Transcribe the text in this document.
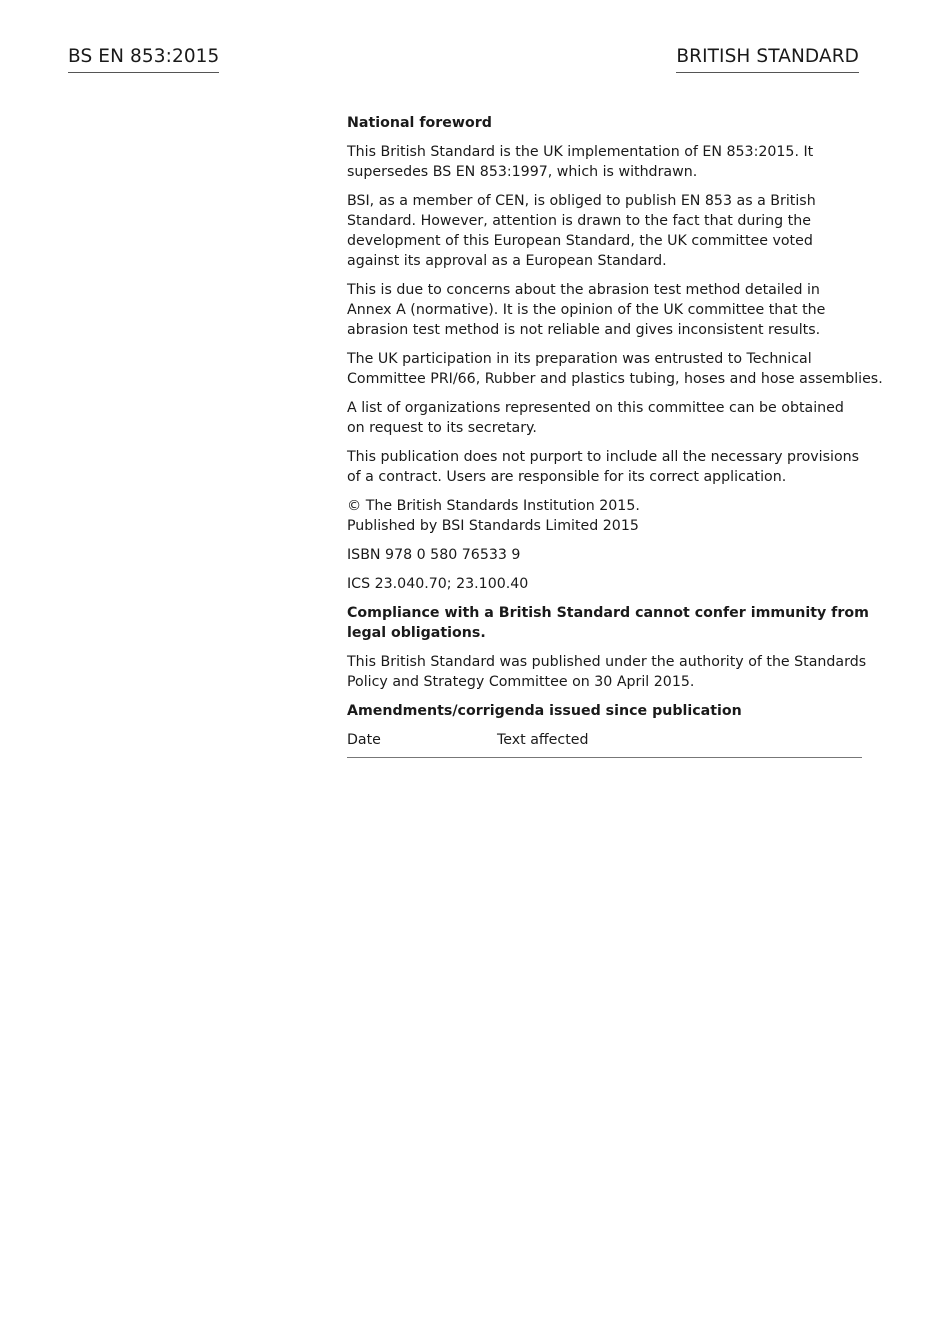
BS EN 853:2015	BRITISH STANDARD
National foreword
This British Standard is the UK implementation of EN 853:2015. It
supersedes BS EN 853:1997, which is withdrawn.
BSI, as a member of CEN, is obliged to publish EN 853 as a British
Standard. However, attention is drawn to the fact that during the
development of this European Standard, the UK committee voted
against its approval as a European Standard.
This is due to concerns about the abrasion test method detailed in
Annex A (normative). It is the opinion of the UK committee that the
abrasion test method is not reliable and gives inconsistent results.
The UK participation in its preparation was entrusted to Technical
Committee PRI/66, Rubber and plastics tubing, hoses and hose assemblies.
A list of organizations represented on this committee can be obtained
on request to its secretary.
This publication does not purport to include all the necessary provisions
of a contract. Users are responsible for its correct application.
© The British Standards Institution 2015.
Published by BSI Standards Limited 2015
ISBN 978 0 580 76533 9
ICS 23.040.70; 23.100.40
Compliance with a British Standard cannot confer immunity from
legal obligations.
This British Standard was published under the authority of the Standards
Policy and Strategy Committee on 30 April 2015.
Amendments/corrigenda issued since publication
Date	Text affected
